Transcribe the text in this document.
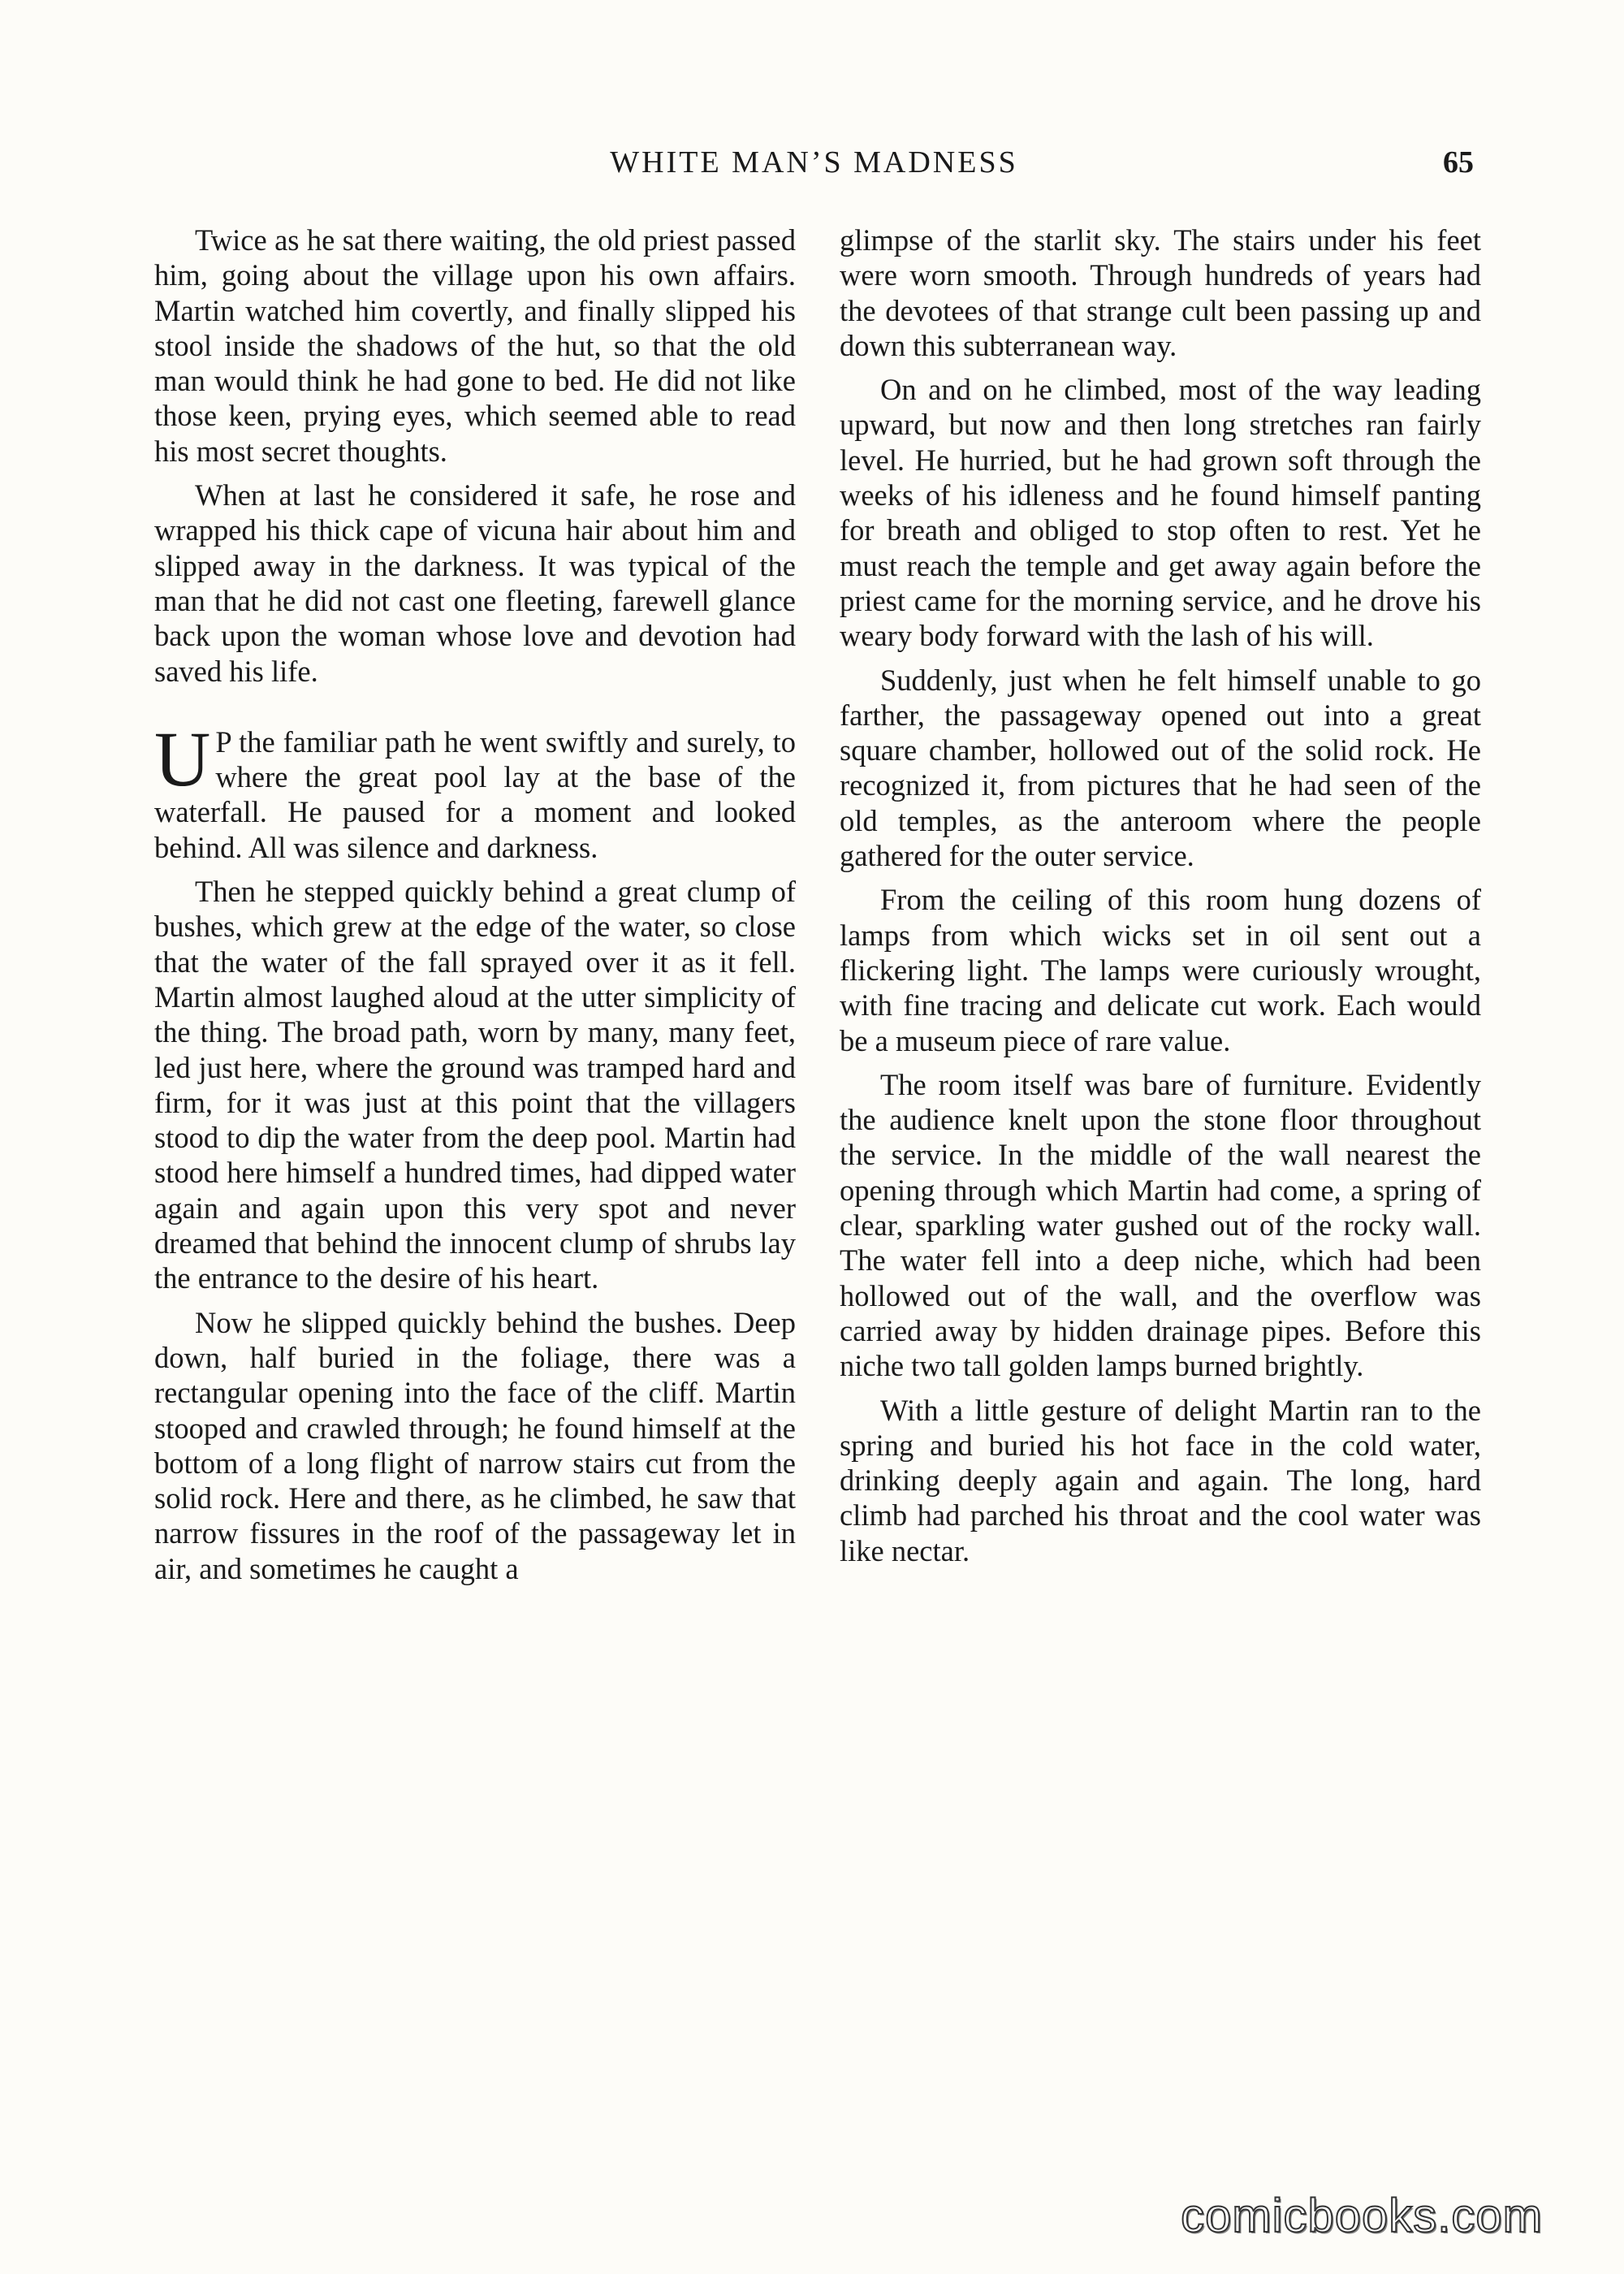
WHITE MAN’S MADNESS	65

Twice as he sat there waiting, the old priest passed him, going about the village upon his own affairs. Martin watched him covertly, and finally slipped his stool inside the shadows of the hut, so that the old man would think he had gone to bed. He did not like those keen, prying eyes, which seemed able to read his most secret thoughts.

When at last he considered it safe, he rose and wrapped his thick cape of vicuna hair about him and slipped away in the darkness. It was typical of the man that he did not cast one fleeting, farewell glance back upon the woman whose love and devotion had saved his life.

U P the familiar path he went swiftly and surely, to where the great pool lay at the base of the waterfall. He paused for a moment and looked behind. All was silence and darkness.

Then he stepped quickly behind a great clump of bushes, which grew at the edge of the water, so close that the water of the fall sprayed over it as it fell. Martin almost laughed aloud at the utter simplicity of the thing. The broad path, worn by many, many feet, led just here, where the ground was tramped hard and firm, for it was just at this point that the villagers stood to dip the water from the deep pool. Martin had stood here himself a hundred times, had dipped water again and again upon this very spot and never dreamed that behind the innocent clump of shrubs lay the entrance to the desire of his heart.

Now he slipped quickly behind the bushes. Deep down, half buried in the foliage, there was a rectangular opening into the face of the cliff. Martin stooped and crawled through; he found himself at the bottom of a long flight of narrow stairs cut from the solid rock. Here and there, as he climbed, he saw that narrow fissures in the roof of the passageway let in air, and sometimes he caught a

glimpse of the starlit sky. The stairs under his feet were worn smooth. Through hundreds of years had the devotees of that strange cult been passing up and down this subterranean way.

On and on he climbed, most of the way leading upward, but now and then long stretches ran fairly level. He hurried, but he had grown soft through the weeks of his idleness and he found himself panting for breath and obliged to stop often to rest. Yet he must reach the temple and get away again before the priest came for the morning service, and he drove his weary body forward with the lash of his will.

Suddenly, just when he felt himself unable to go farther, the passageway opened out into a great square chamber, hollowed out of the solid rock. He recognized it, from pictures that he had seen of the old temples, as the anteroom where the people gathered for the outer service.

From the ceiling of this room hung dozens of lamps from which wicks set in oil sent out a flickering light. The lamps were curiously wrought, with fine tracing and delicate cut work. Each would be a museum piece of rare value.

The room itself was bare of furniture. Evidently the audience knelt upon the stone floor throughout the service. In the middle of the wall nearest the opening through which Martin had come, a spring of clear, sparkling water gushed out of the rocky wall. The water fell into a deep niche, which had been hollowed out of the wall, and the overflow was carried away by hidden drainage pipes. Before this niche two tall golden lamps burned brightly.

With a little gesture of delight Martin ran to the spring and buried his hot face in the cold water, drinking deeply again and again. The long, hard climb had parched his throat and the cool water was like nectar.

comicbooks.com
